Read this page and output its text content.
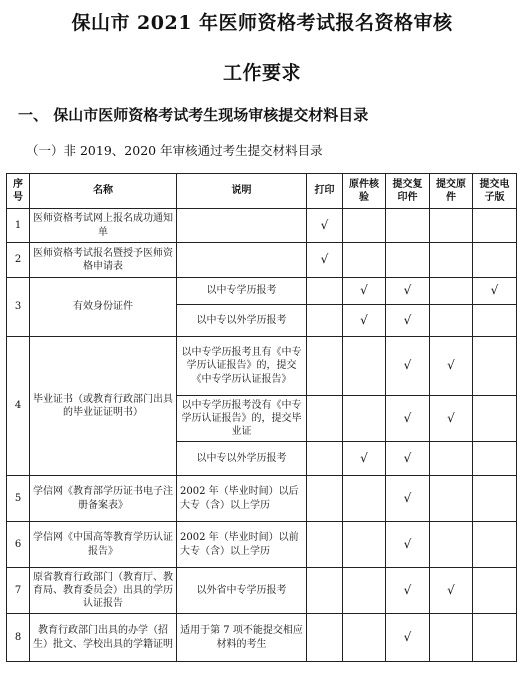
保山市 2021 年医师资格考试报名资格审核
工作要求
一、 保山市医师资格考试考生现场审核提交材料目录
（一）非 2019、2020 年审核通过考生提交材料目录
序号	名称	说明	打印	原件核验	提交复印件	提交原件	提交电子版
1	医师资格考试网上报名成功通知单		√				
2	医师资格考试报名暨授予医师资格申请表		√				
3	有效身份证件	以中专学历报考		√	√		√
		以中专以外学历报考		√	√		
4	毕业证书（或教育行政部门出具的毕业证证明书）	以中专学历报考且有《中专学历认证报告》的，提交《中专学历认证报告》			√	√	
		以中专学历报考没有《中专学历认证报告》的，提交毕业证			√	√	
		以中专以外学历报考		√	√		
5	学信网《教育部学历证书电子注册备案表》	2002 年（毕业时间）以后大专（含）以上学历			√		
6	学信网《中国高等教育学历认证报告》	2002 年（毕业时间）以前大专（含）以上学历			√		
7	原省教育行政部门（教育厅、教育局、教育委员会）出具的学历认证报告	以外省中专学历报考			√	√	
8	教育行政部门出具的办学（招生）批文、学校出具的学籍证明	适用于第 7 项不能提交相应材料的考生			√		
